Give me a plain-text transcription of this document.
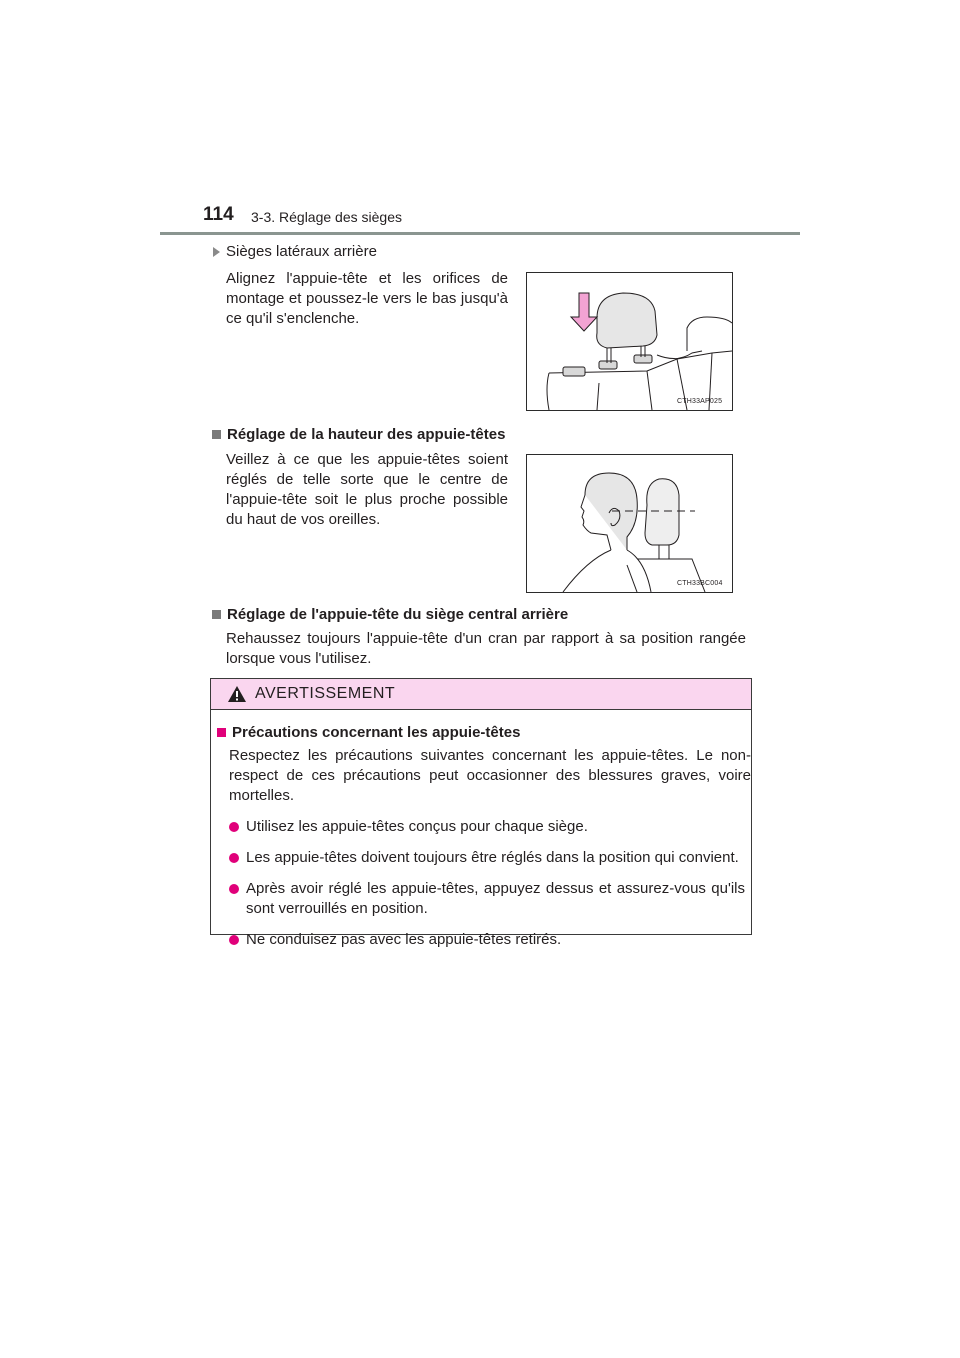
114 3-3. Réglage des sièges
Sièges latéraux arrière
Alignez l'appuie-tête et les orifices de montage et poussez-le vers le bas jusqu'à ce qu'il s'enclenche.
CTH33AP025
Réglage de la hauteur des appuie-têtes
Veillez à ce que les appuie-têtes soient réglés de telle sorte que le centre de l'appuie-tête soit le plus proche possible du haut de vos oreilles.
CTH33BC004
Réglage de l'appuie-tête du siège central arrière
Rehaussez toujours l'appuie-tête d'un cran par rapport à sa position rangée lorsque vous l'utilisez.
AVERTISSEMENT
Précautions concernant les appuie-têtes
Respectez les précautions suivantes concernant les appuie-têtes. Le non-respect de ces précautions peut occasionner des blessures graves, voire mortelles.
Utilisez les appuie-têtes conçus pour chaque siège.
Les appuie-têtes doivent toujours être réglés dans la position qui convient.
Après avoir réglé les appuie-têtes, appuyez dessus et assurez-vous qu'ils sont verrouillés en position.
Ne conduisez pas avec les appuie-têtes retirés.
